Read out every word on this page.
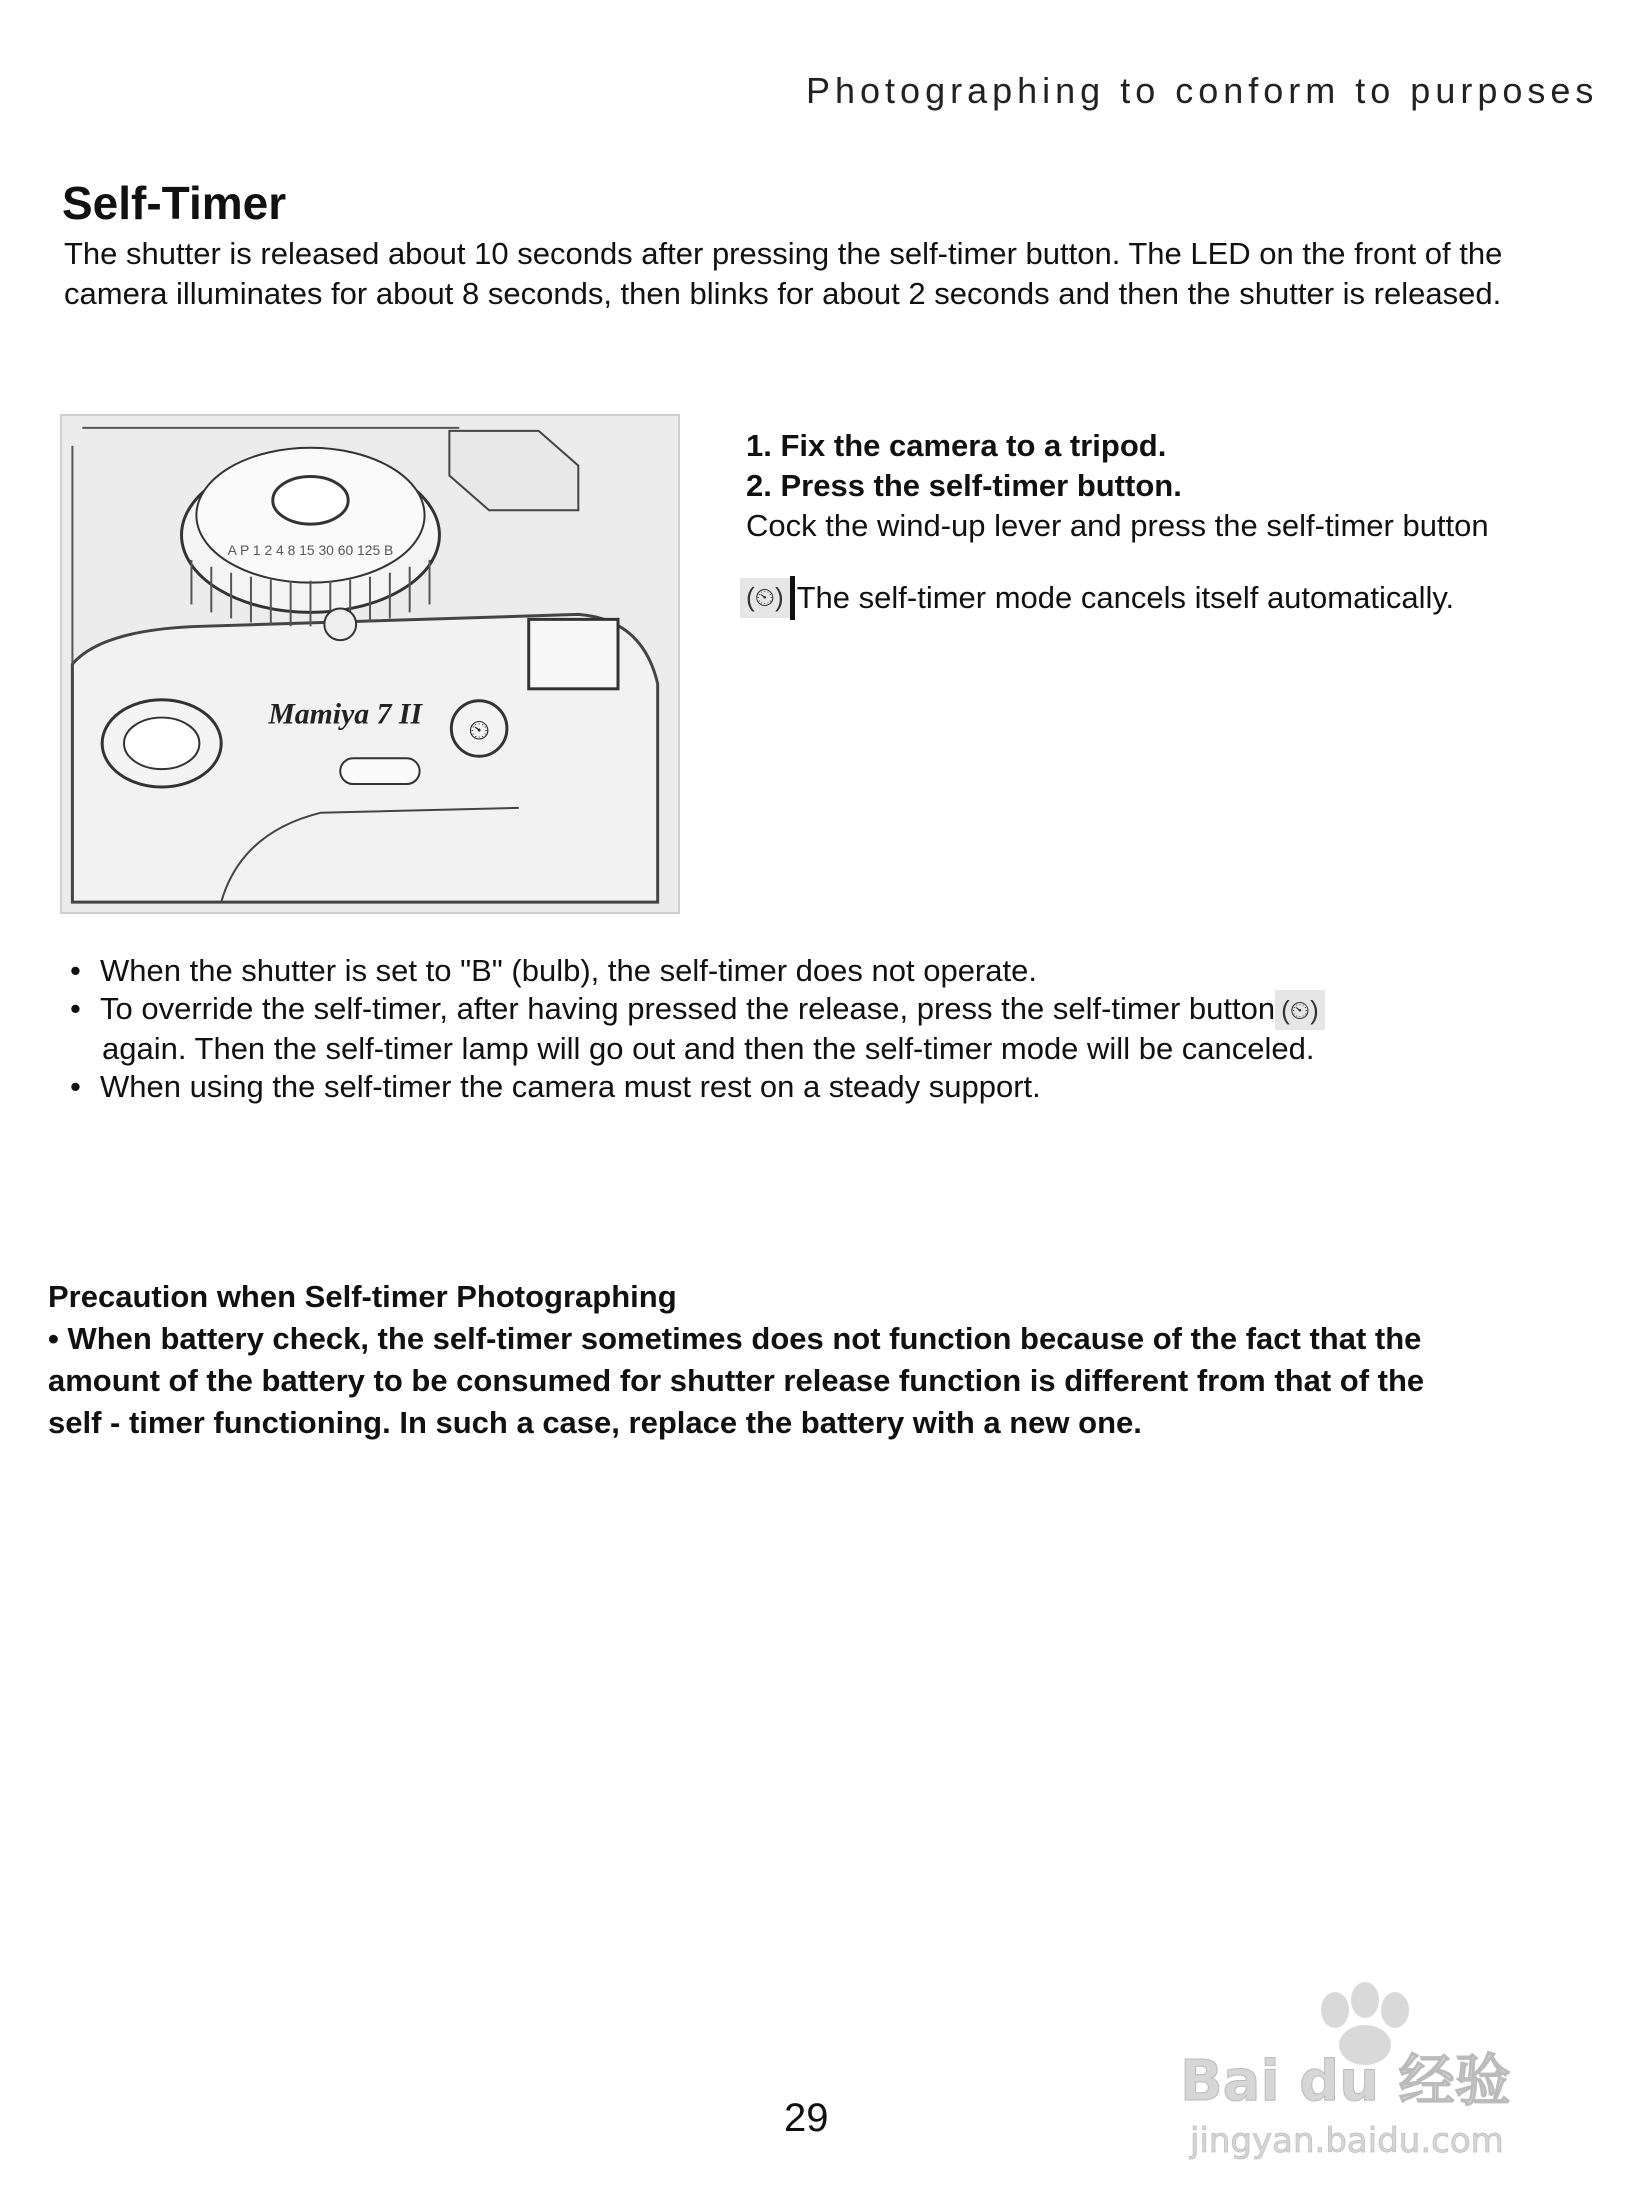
Photographing to conform to purposes
Self-Timer
The shutter is released about 10 seconds after pressing the self-timer button. The LED on the front of the
camera illuminates for about 8 seconds, then blinks for about 2 seconds and then the shutter is released.
A P 1 2 4 8 15 30 60 125 B
⏲
Mamiya 7 II
1. Fix the camera to a tripod.
2. Press the self-timer button.
Cock the wind-up lever and press the self-timer button
(⏲) The self-timer mode cancels itself automatically.
• When the shutter is set to "B" (bulb), the self-timer does not operate.
• To override the self-timer, after having pressed the release, press the self-timer button (⏲)
again. Then the self-timer lamp will go out and then the self-timer mode will be canceled.
• When using the self-timer the camera must rest on a steady support.
Precaution when Self-timer Photographing
• When battery check, the self-timer sometimes does not function because of the fact that the
amount of the battery to be consumed for shutter release function is different from that of the
self - timer functioning. In such a case, replace the battery with a new one.
29
Bai du 经验
jingyan.baidu.com
